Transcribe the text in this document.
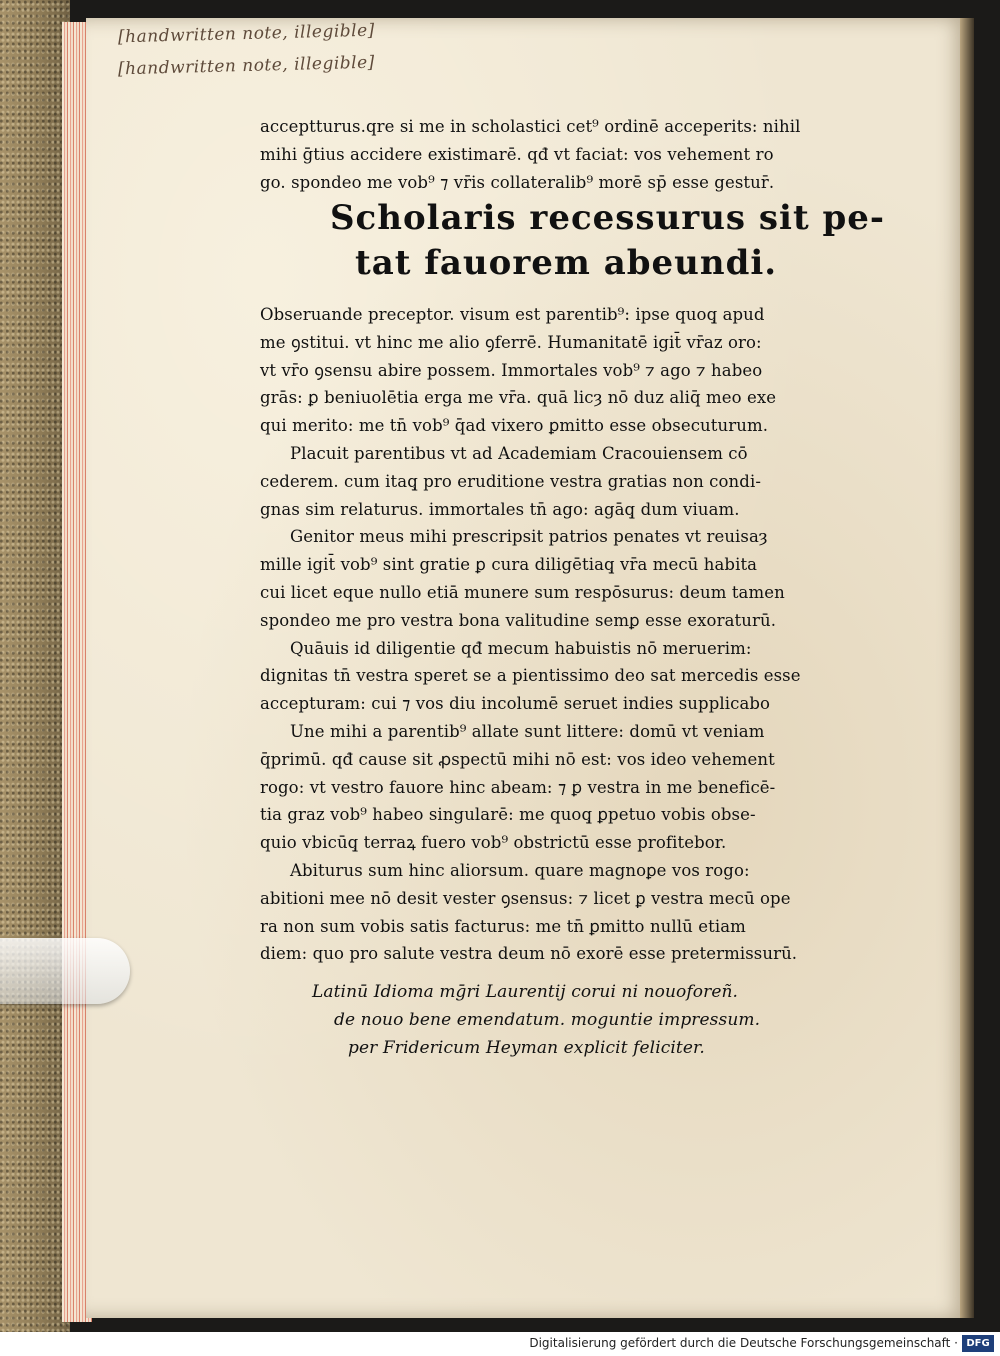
[handwritten note, illegible]
[handwritten note, illegible]
acceptturus.qre si me in scholastici cet⁹ ordinē acceperits: nihil
mihi ḡtius accidere existimarē. qđ vt faciat: vos vehement ro
go. spondeo me vob⁹ ⁊ vr̄is collateralib⁹ morē sp̄ esse gestur̄.
Scholaris recessurus sit pe-
tat fauorem abeundi.
Obseruande preceptor. visum est parentib⁹: ipse quoq̧ apud
me ꝯstitui. vt hinc me alio ꝯferrē. Humanitatē igit̄ vr̄az oro:
vt vr̄o ꝯsensu abire possem. Immortales vob⁹ ⁊ ago ⁊ habeo
grās: ꝑ beniuolētia erga me vr̄a. quā licȝ nō duz aliq̄ meo exe
qui merito: me tn̄ vob⁹ q̄ad vixero ꝑmitto esse obsecuturum.
Placuit parentibus vt ad Academiam Cracouiensem cō
cederem. cum itaq̧ pro eruditione vestra gratias non condi-
gnas sim relaturus. immortales tn̄ ago: agāq̧ dum viuam.
Genitor meus mihi prescripsit patrios penates vt reuisaȝ
mille igit̄ vob⁹ sint gratie ꝑ cura diligētiaq̧ vr̄a mecū habita
cui licet eque nullo etiā munere sum respōsurus: deum tamen
spondeo me pro vestra bona valitudine semꝑ esse exoraturū.
Quāuis id diligentie qđ mecum habuistis nō meruerim:
dignitas tn̄ vestra speret se a pientissimo deo sat mercedis esse
accepturam: cui ⁊ vos diu incolumē seruet indies supplicabo
Une mihi a parentib⁹ allate sunt littere: domū vt veniam
q̄primū. qđ cause sit ꝓspectū mihi nō est: vos ideo vehement
rogo: vt vestro fauore hinc abeam: ⁊ ꝑ vestra in me beneficē-
tia graz vob⁹ habeo singularē: me quoq̧ ꝑpetuo vobis obse-
quio vbicūq̧ terraꝝ fuero vob⁹ obstrictū esse profitebor.
Abiturus sum hinc aliorsum. quare magnoꝑe vos rogo:
abitioni mee nō desit vester ꝯsensus: ⁊ licet ꝑ vestra mecū ope
ra non sum vobis satis facturus: me tn̄ ꝑmitto nullū etiam
diem: quo pro salute vestra deum nō exorē esse pretermissurū.
Latinū Idioma mḡri Laurentij corui ni nouoforeñ.
de nouo bene emendatum. moguntie impressum.
per Fridericum Heyman explicit feliciter.
Digitalisierung gefördert durch die Deutsche Forschungsgemeinschaft · DFG
